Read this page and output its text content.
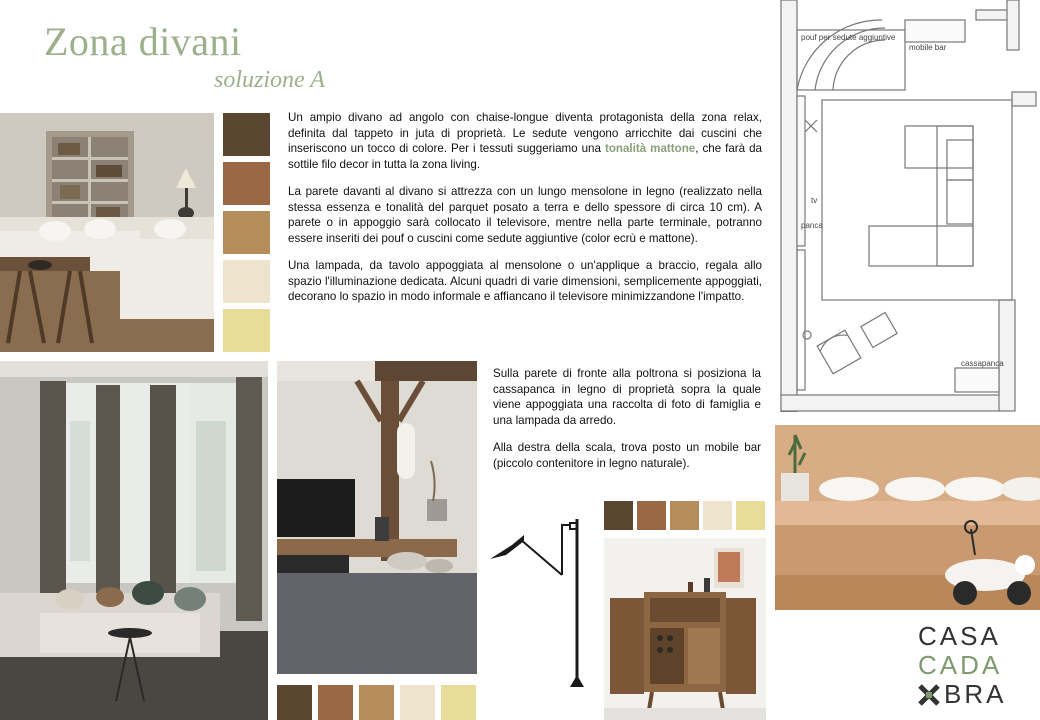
Zona divani
soluzione A

Un ampio divano ad angolo con chaise-longue diventa protagonista della zona relax, definita dal tappeto in juta di proprietà. Le sedute vengono arricchite dai cuscini che inseriscono un tocco di colore. Per i tessuti suggeriamo una tonalità mattone, che farà da sottile filo decor in tutta la zona living.

La parete davanti al divano si attrezza con un lungo mensolone in legno (realizzato nella stessa essenza e tonalità del parquet posato a terra e dello spessore di circa 10 cm). A parete o in appoggio sarà collocato il televisore, mentre nella parte terminale, potranno essere inseriti dei pouf o cuscini come sedute aggiuntive (color ecrù e mattone).

Una lampada, da tavolo appoggiata al mensolone o un'applique a braccio, regala allo spazio l'illuminazione dedicata. Alcuni quadri di varie dimensioni, semplicemente appoggiati, decorano lo spazio in modo informale e affiancano il televisore minimizzandone l'impatto.

pouf per sedute aggiuntive
mobile bar
tv
panca
cassapanca

Sulla parete di fronte alla poltrona si posiziona la cassapanca in legno di proprietà sopra la quale viene appoggiata una raccolta di foto di famiglia e una lampada da arredo.

Alla destra della scala, trova posto un mobile bar (piccolo contenitore in legno naturale).

CASA
CADA
BRA
